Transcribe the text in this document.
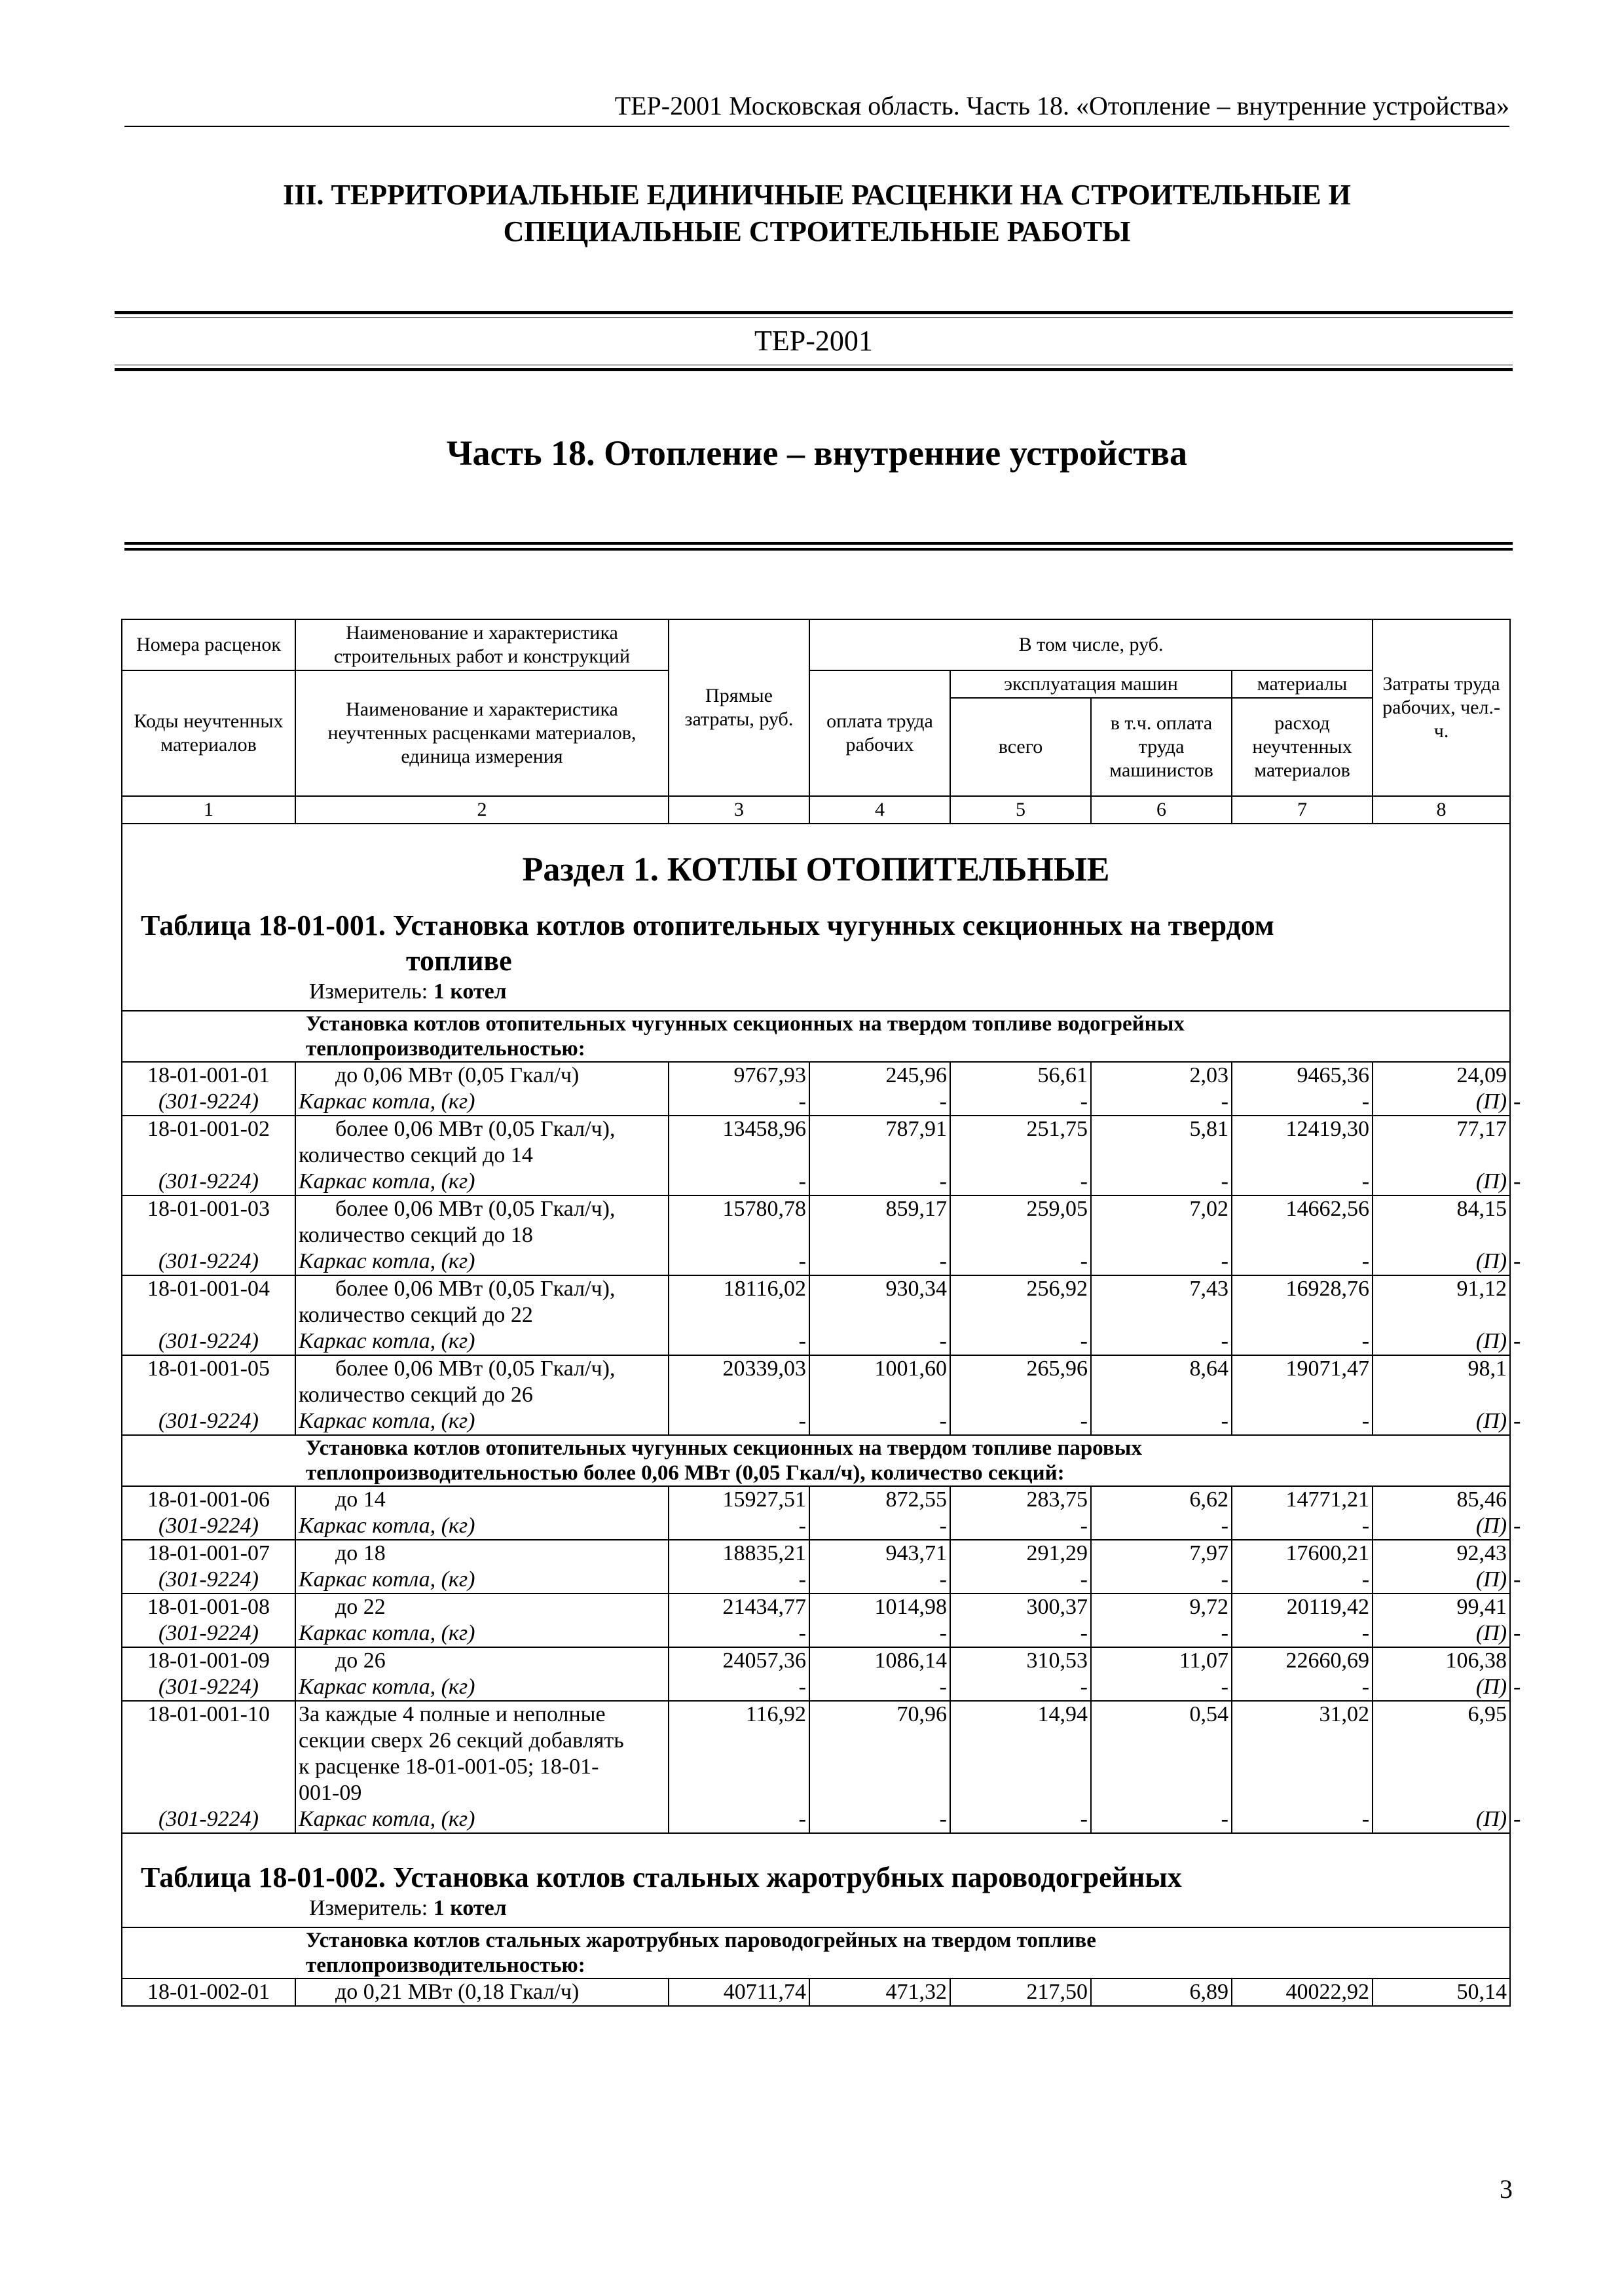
ТЕР-2001 Московская область. Часть 18. «Отопление – внутренние устройства»
III. ТЕРРИТОРИАЛЬНЫЕ ЕДИНИЧНЫЕ РАСЦЕНКИ НА СТРОИТЕЛЬНЫЕ И
СПЕЦИАЛЬНЫЕ СТРОИТЕЛЬНЫЕ РАБОТЫ
ТЕР-2001
Часть 18. Отопление – внутренние устройства
Номера расценок	Наименование и характеристика строительных работ и конструкций	Прямые затраты, руб.	В том числе, руб.				Затраты труда рабочих, чел.-ч.	
Коды неучтенных материалов	Наименование и характеристика неучтенных расценками материалов, единица измерения		оплата труда рабочих	эксплуатация машин		материалы		
				всего	в т.ч. оплата труда машинистов	расход неучтенных материалов		
1	2	3	4	5	6	7	8	

Раздел 1. КОТЛЫ ОТОПИТЕЛЬНЫЕ
Таблица 18-01-001. Установка котлов отопительных чугунных секционных на твердом
топливе
Измеритель: 1 котел								

Установка котлов отопительных чугунных секционных на твердом топливе водогрейных
теплопроизводительностью:								

18-01-001-01	до 0,06 МВт (0,05 Гкал/ч)	9767,93	245,96	56,61	2,03	9465,36	24,09	

(301-9224)	Каркас котла, (кг)	-	-	-	-	-	(П)	-

18-01-001-02	более 0,06 МВт (0,05 Гкал/ч),
количество секций до 14	13458,96	787,91	251,75	5,81	12419,30	77,17	

(301-9224)	Каркас котла, (кг)	-	-	-	-	-	(П)	-

18-01-001-03	более 0,06 МВт (0,05 Гкал/ч),
количество секций до 18	15780,78	859,17	259,05	7,02	14662,56	84,15	

(301-9224)	Каркас котла, (кг)	-	-	-	-	-	(П)	-

18-01-001-04	более 0,06 МВт (0,05 Гкал/ч),
количество секций до 22	18116,02	930,34	256,92	7,43	16928,76	91,12	

(301-9224)	Каркас котла, (кг)	-	-	-	-	-	(П)	-

18-01-001-05	более 0,06 МВт (0,05 Гкал/ч),
количество секций до 26	20339,03	1001,60	265,96	8,64	19071,47	98,1	

(301-9224)	Каркас котла, (кг)	-	-	-	-	-	(П)	-

Установка котлов отопительных чугунных секционных на твердом топливе паровых
теплопроизводительностью более 0,06 МВт (0,05 Гкал/ч), количество секций:								

18-01-001-06	до 14	15927,51	872,55	283,75	6,62	14771,21	85,46	

(301-9224)	Каркас котла, (кг)	-	-	-	-	-	(П)	-

18-01-001-07	до 18	18835,21	943,71	291,29	7,97	17600,21	92,43	

(301-9224)	Каркас котла, (кг)	-	-	-	-	-	(П)	-

18-01-001-08	до 22	21434,77	1014,98	300,37	9,72	20119,42	99,41	

(301-9224)	Каркас котла, (кг)	-	-	-	-	-	(П)	-

18-01-001-09	до 26	24057,36	1086,14	310,53	11,07	22660,69	106,38	

(301-9224)	Каркас котла, (кг)	-	-	-	-	-	(П)	-

18-01-001-10	За каждые 4 полные и неполные
секции сверх 26 секций добавлять
к расценке 18-01-001-05; 18-01-
001-09	116,92	70,96	14,94	0,54	31,02	6,95	

(301-9224)	Каркас котла, (кг)	-	-	-	-	-	(П)	-

Таблица 18-01-002. Установка котлов стальных жаротрубных пароводогрейных
Измеритель: 1 котел								

Установка котлов стальных жаротрубных пароводогрейных на твердом топливе
теплопроизводительностью:								

18-01-002-01	до 0,21 МВт (0,18 Гкал/ч)	40711,74	471,32	217,50	6,89	40022,92	50,14	
3
